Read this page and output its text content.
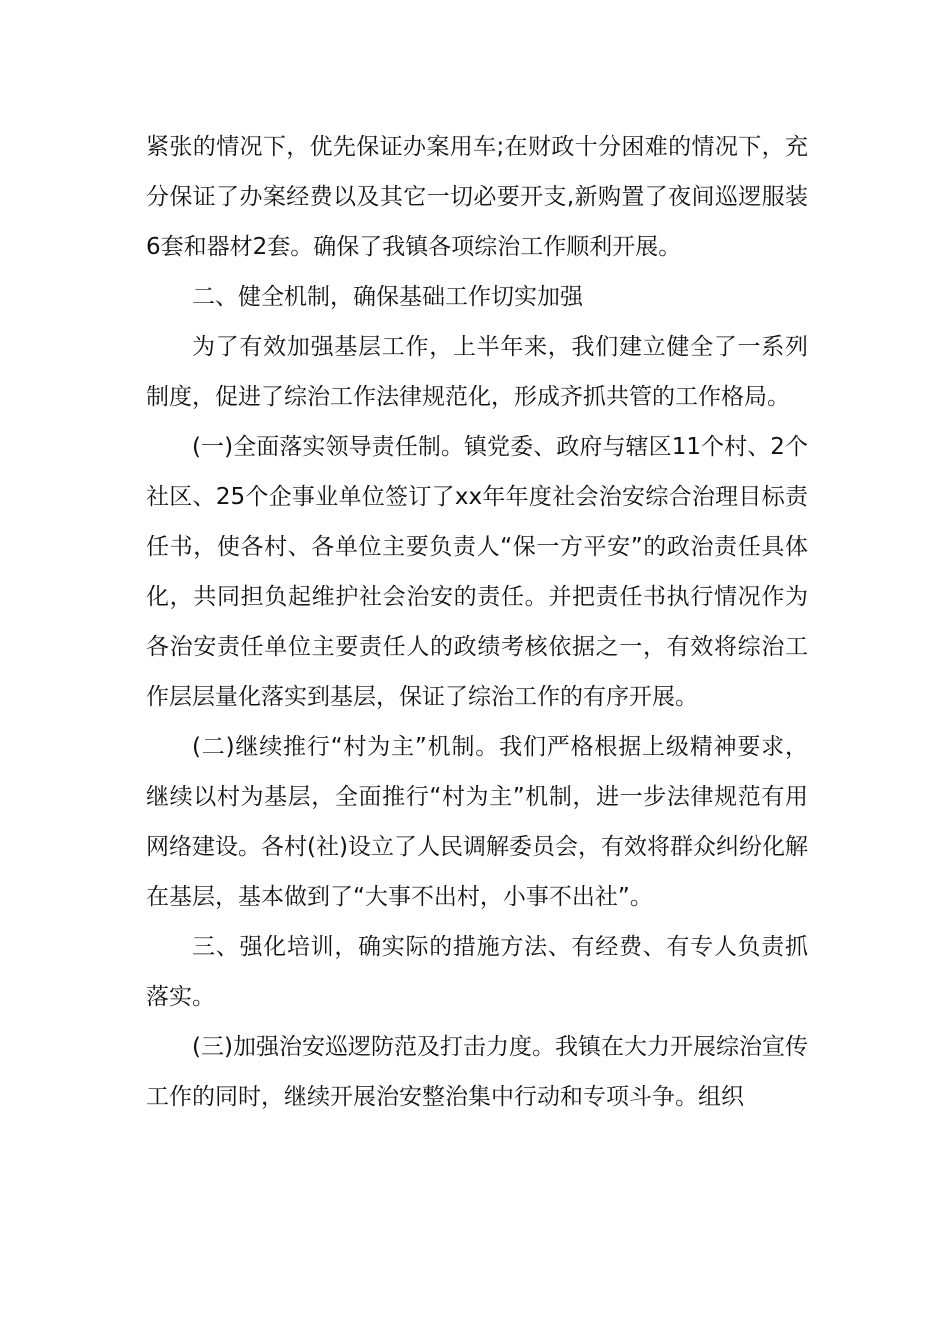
紧张的情况下，优先保证办案用车;在财政十分困难的情况下，充分保证了办案经费以及其它一切必要开支,新购置了夜间巡逻服装6套和器材2套。确保了我镇各项综治工作顺利开展。

二、健全机制，确保基础工作切实加强

为了有效加强基层工作，上半年来，我们建立健全了一系列制度，促进了综治工作法律规范化，形成齐抓共管的工作格局。

(一)全面落实领导责任制。镇党委、政府与辖区11个村、2个社区、25个企事业单位签订了xx年年度社会治安综合治理目标责任书，使各村、各单位主要负责人“保一方平安”的政治责任具体化，共同担负起维护社会治安的责任。并把责任书执行情况作为各治安责任单位主要责任人的政绩考核依据之一，有效将综治工作层层量化落实到基层，保证了综治工作的有序开展。

(二)继续推行“村为主”机制。我们严格根据上级精神要求，继续以村为基层，全面推行“村为主”机制，进一步法律规范有用网络建设。各村(社)设立了人民调解委员会，有效将群众纠纷化解在基层，基本做到了“大事不出村，小事不出社”。

三、强化培训，确实际的措施方法、有经费、有专人负责抓落实。

(三)加强治安巡逻防范及打击力度。我镇在大力开展综治宣传工作的同时，继续开展治安整治集中行动和专项斗争。组织
